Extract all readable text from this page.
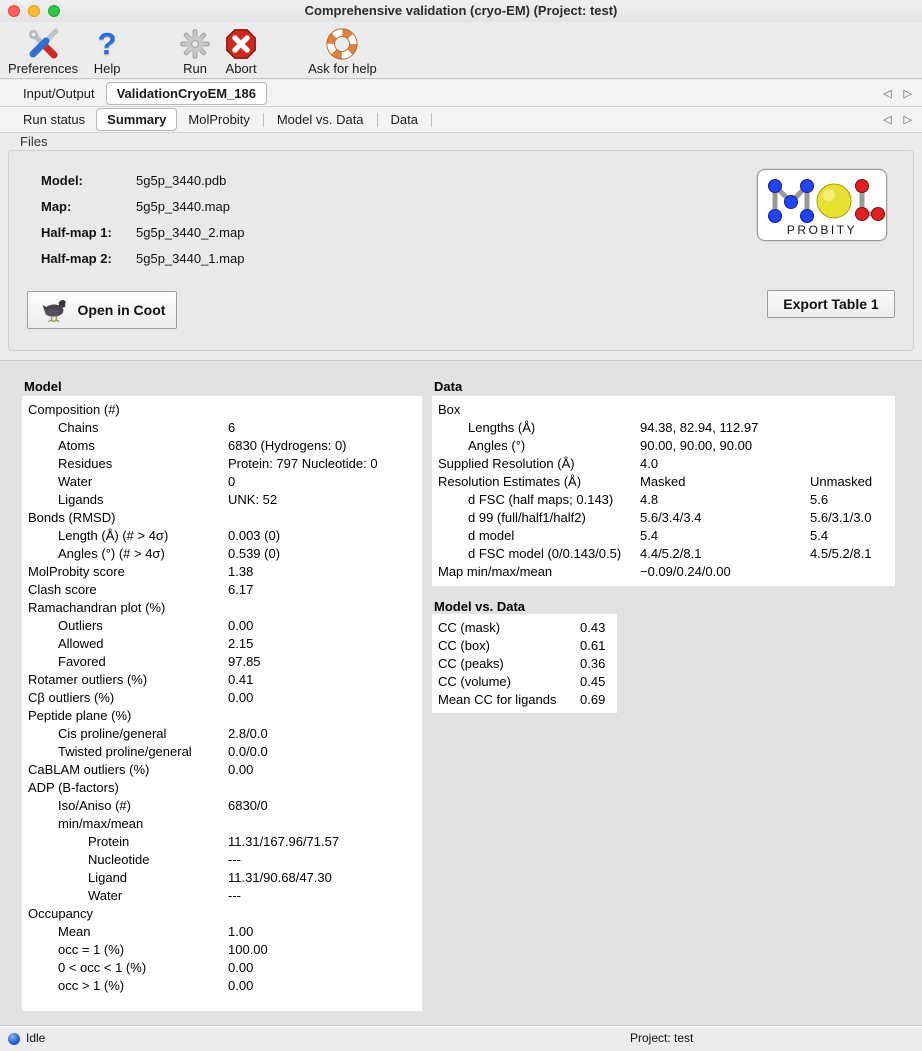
Comprehensive validation (cryo-EM) (Project: test)
Preferences
?
Help	Run Abort	Ask for help
Input/Output	ValidationCryoEM_186	◁ ▷
Run status	Summary	MolProbity	Model vs. Data	Data	◁ ▷
Files
Model:	5g5p_3440.pdb
Map:	5g5p_3440.map
Half-map 1: 5g5p_3440_2.map
Half-map 2: 5g5p_3440_1.map
PROBITY
Open in Coot	Export Table 1
Model
Composition (#)
Chains	6
Atoms	6830 (Hydrogens: 0)
Residues	Protein: 797 Nucleotide: 0
Water	0
Ligands	UNK: 52
Bonds (RMSD)
Length (Å) (# > 4σ)	0.003 (0)
Angles (°) (# > 4σ)	0.539 (0)
MolProbity score	1.38
Clash score	6.17
Ramachandran plot (%)
Outliers	0.00
Allowed	2.15
Favored	97.85
Rotamer outliers (%)	0.41
Cβ outliers (%)	0.00
Peptide plane (%)
Cis proline/general	2.8/0.0
Twisted proline/general	0.0/0.0
CaBLAM outliers (%)	0.00
ADP (B-factors)
Iso/Aniso (#)	6830/0
min/max/mean
Protein	11.31/167.96/71.57
Nucleotide	---
Ligand	11.31/90.68/47.30
Water	---
Occupancy
Mean	1.00
occ = 1 (%)	100.00
0 < occ < 1 (%)	0.00
occ > 1 (%)	0.00
Data
Box
Lengths (Å)	94.38, 82.94, 112.97
Angles (°)	90.00, 90.00, 90.00
Supplied Resolution (Å)	4.0
Resolution Estimates (Å)	Masked	Unmasked
d FSC (half maps; 0.143) 4.8	5.6
d 99 (full/half1/half2)	5.6/3.4/3.4	5.6/3.1/3.0
d model	5.4	5.4
d FSC model (0/0.143/0.5) 4.4/5.2/8.1	4.5/5.2/8.1
Map min/max/mean	−0.09/0.24/0.00
Model vs. Data
CC (mask)	0.43
CC (box)	0.61
CC (peaks)	0.36
CC (volume)	0.45
Mean CC for ligands 0.69
Idle	Project: test
